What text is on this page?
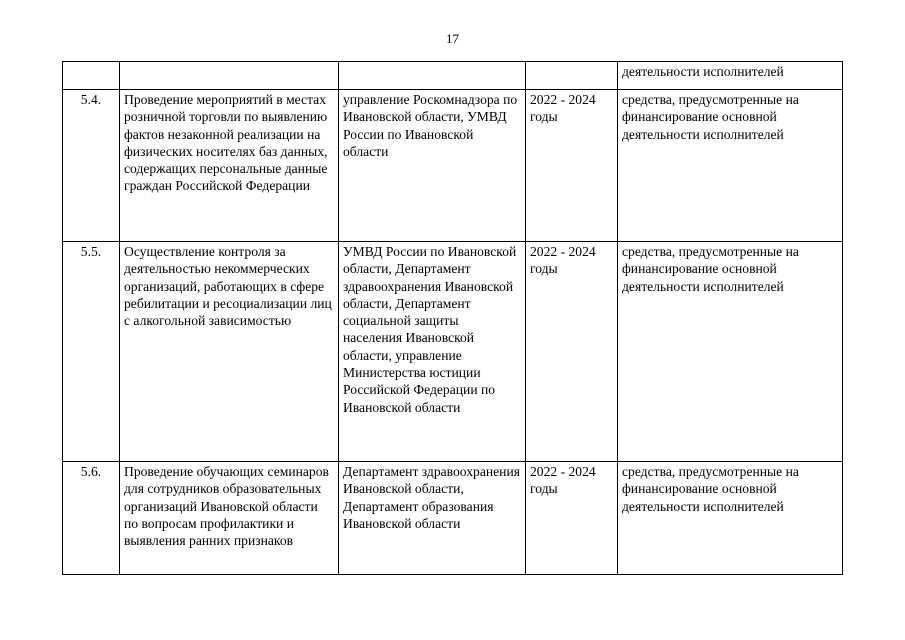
17
				деятельности исполнителей
5.4.	Проведение мероприятий в местах розничной торговли по выявлению фактов незаконной реализации на физических носителях баз данных, содержащих персональные данные граждан Российской Федерации	управление Роскомнадзора по Ивановской области, УМВД России по Ивановской области	2022 - 2024 годы	средства, предусмотренные на финансирование основной деятельности исполнителей
5.5.	Осуществление контроля за деятельностью некоммерческих организаций, работающих в сфере ребилитации и ресоциализации лиц с алкогольной зависимостью	УМВД России по Ивановской области, Департамент здравоохранения Ивановской области, Департамент социальной защиты населения Ивановской области, управление Министерства юстиции Российской Федерации по Ивановской области	2022 - 2024 годы	средства, предусмотренные на финансирование основной деятельности исполнителей
5.6.	Проведение обучающих семинаров для сотрудников образовательных организаций Ивановской области по вопросам профилактики и выявления ранних признаков	Департамент здравоохранения Ивановской области, Департамент образования Ивановской области	2022 - 2024 годы	средства, предусмотренные на финансирование основной деятельности исполнителей
